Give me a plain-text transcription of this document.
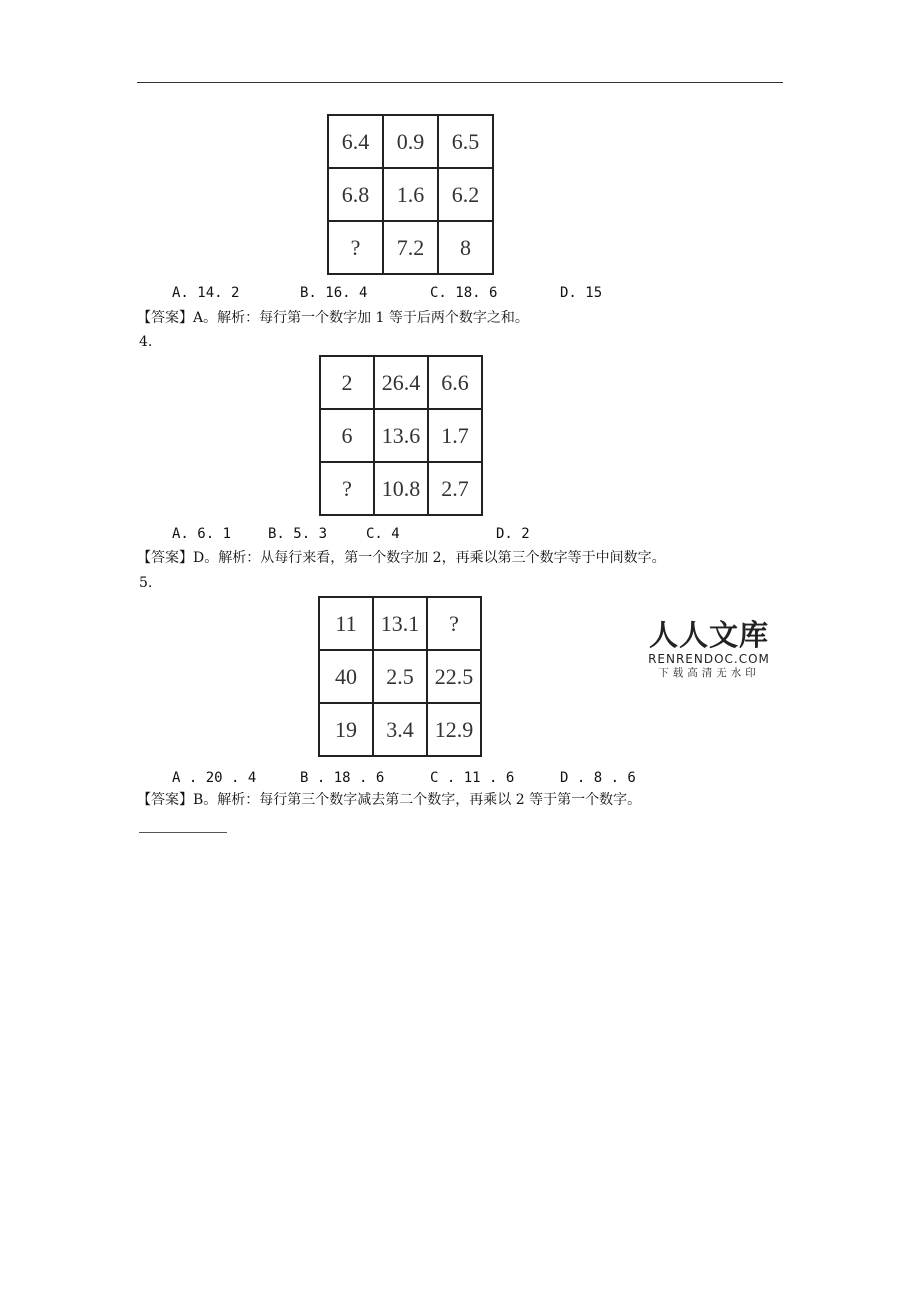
6.4	0.9	6.5
6.8	1.6	6.2
?	7.2	8
A. 14. 2	B. 16. 4	C. 18. 6	D. 15
【答案】A。解析：每行第一个数字加 1 等于后两个数字之和。
4.
2	26.4	6.6
6	13.6	1.7
?	10.8	2.7
A. 6. 1	B. 5. 3	C. 4	D. 2
【答案】D。解析：从每行来看，第一个数字加 2，再乘以第三个数字等于中间数字。
5.
11	13.1	?
40	2.5	22.5
19	3.4	12.9
人人文库
RENRENDOC.COM
下载高清无水印
A . 20 . 4	B . 18 . 6	C . 11 . 6	D . 8 . 6
【答案】B。解析：每行第三个数字减去第二个数字，再乘以 2 等于第一个数字。
